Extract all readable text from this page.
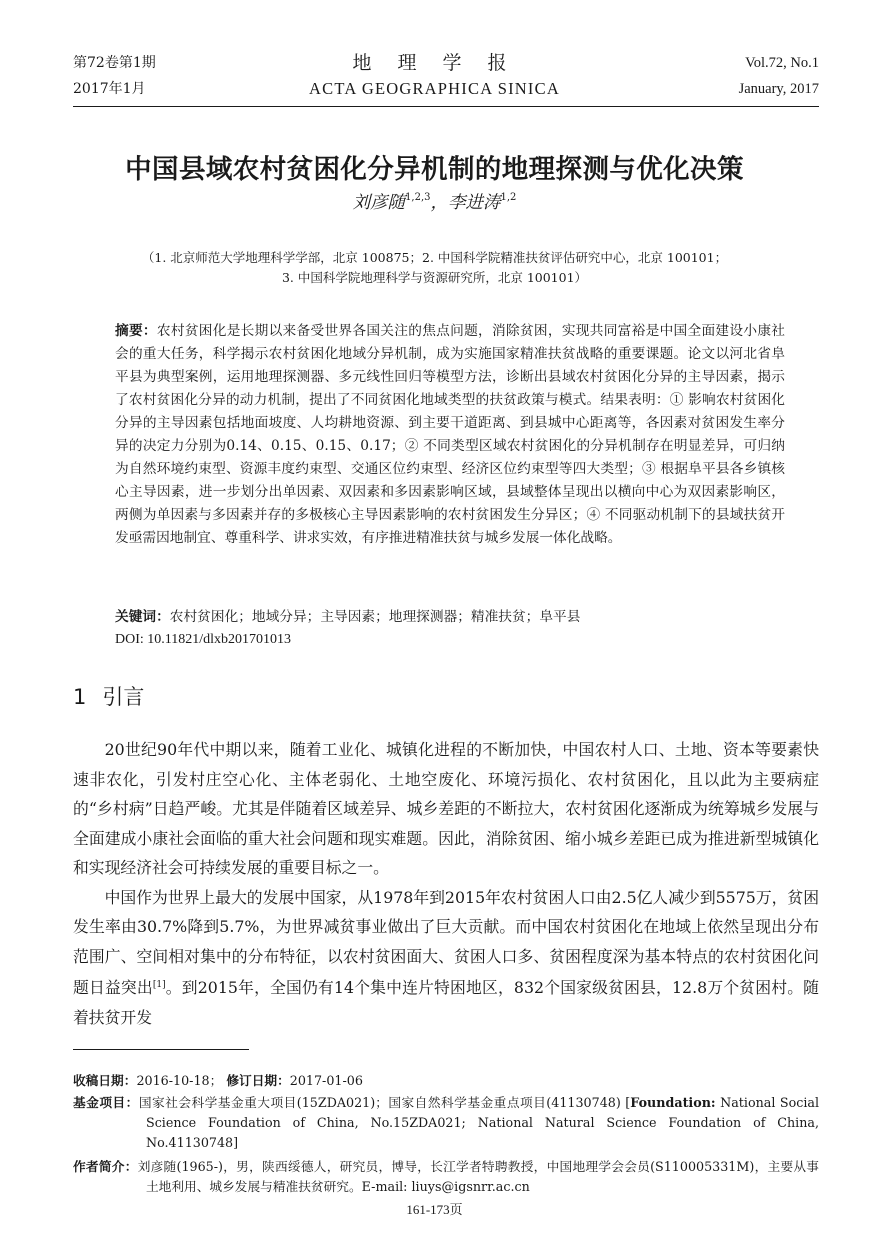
第72卷第1期
2017年1月
地 理 学 报
ACTA GEOGRAPHICA SINICA
Vol.72, No.1
January, 2017
中国县域农村贫困化分异机制的地理探测与优化决策
刘彦随$^{1,2,3}$，李进涛$^{1,2}$
（1. 北京师范大学地理科学学部，北京 100875；2. 中国科学院精准扶贫评估研究中心，北京 100101；
3. 中国科学院地理科学与资源研究所，北京 100101）
摘要：农村贫困化是长期以来备受世界各国关注的焦点问题，消除贫困，实现共同富裕是中国全面建设小康社会的重大任务，科学揭示农村贫困化地域分异机制，成为实施国家精准扶贫战略的重要课题。论文以河北省阜平县为典型案例，运用地理探测器、多元线性回归等模型方法，诊断出县域农村贫困化分异的主导因素，揭示了农村贫困化分异的动力机制，提出了不同贫困化地域类型的扶贫政策与模式。结果表明：① 影响农村贫困化分异的主导因素包括地面坡度、人均耕地资源、到主要干道距离、到县城中心距离等，各因素对贫困发生率分异的决定力分别为0.14、0.15、0.15、0.17；② 不同类型区域农村贫困化的分异机制存在明显差异，可归纳为自然环境约束型、资源丰度约束型、交通区位约束型、经济区位约束型等四大类型；③ 根据阜平县各乡镇核心主导因素，进一步划分出单因素、双因素和多因素影响区域，县域整体呈现出以横向中心为双因素影响区，两侧为单因素与多因素并存的多极核心主导因素影响的农村贫困发生分异区；④ 不同驱动机制下的县域扶贫开发亟需因地制宜、尊重科学、讲求实效，有序推进精准扶贫与城乡发展一体化战略。
关键词：农村贫困化；地域分异；主导因素；地理探测器；精准扶贫；阜平县
DOI: 10.11821/dlxb201701013
1 引言

20世纪90年代中期以来，随着工业化、城镇化进程的不断加快，中国农村人口、土地、资本等要素快速非农化，引发村庄空心化、主体老弱化、土地空废化、环境污损化、农村贫困化，且以此为主要病症的“乡村病”日趋严峻。尤其是伴随着区域差异、城乡差距的不断拉大，农村贫困化逐渐成为统筹城乡发展与全面建成小康社会面临的重大社会问题和现实难题。因此，消除贫困、缩小城乡差距已成为推进新型城镇化和实现经济社会可持续发展的重要目标之一。

中国作为世界上最大的发展中国家，从1978年到2015年农村贫困人口由2.5亿人减少到5575万，贫困发生率由30.7%降到5.7%，为世界减贫事业做出了巨大贡献。而中国农村贫困化在地域上依然呈现出分布范围广、空间相对集中的分布特征，以农村贫困面大、贫困人口多、贫困程度深为基本特点的农村贫困化问题日益突出[1]。到2015年，全国仍有14个集中连片特困地区，832个国家级贫困县，12.8万个贫困村。随着扶贫开发

收稿日期：2016-10-18； 修订日期：2017-01-06
基金项目：国家社会科学基金重大项目(15ZDA021)；国家自然科学基金重点项目(41130748) [Foundation: National Social Science Foundation of China, No.15ZDA021; National Natural Science Foundation of China, No.41130748]
作者简介：刘彦随(1965-)，男，陕西绥德人，研究员，博导，长江学者特聘教授，中国地理学会会员(S110005331M)，主要从事土地利用、城乡发展与精准扶贫研究。E-mail: liuys@igsnrr.ac.cn
161-173页
